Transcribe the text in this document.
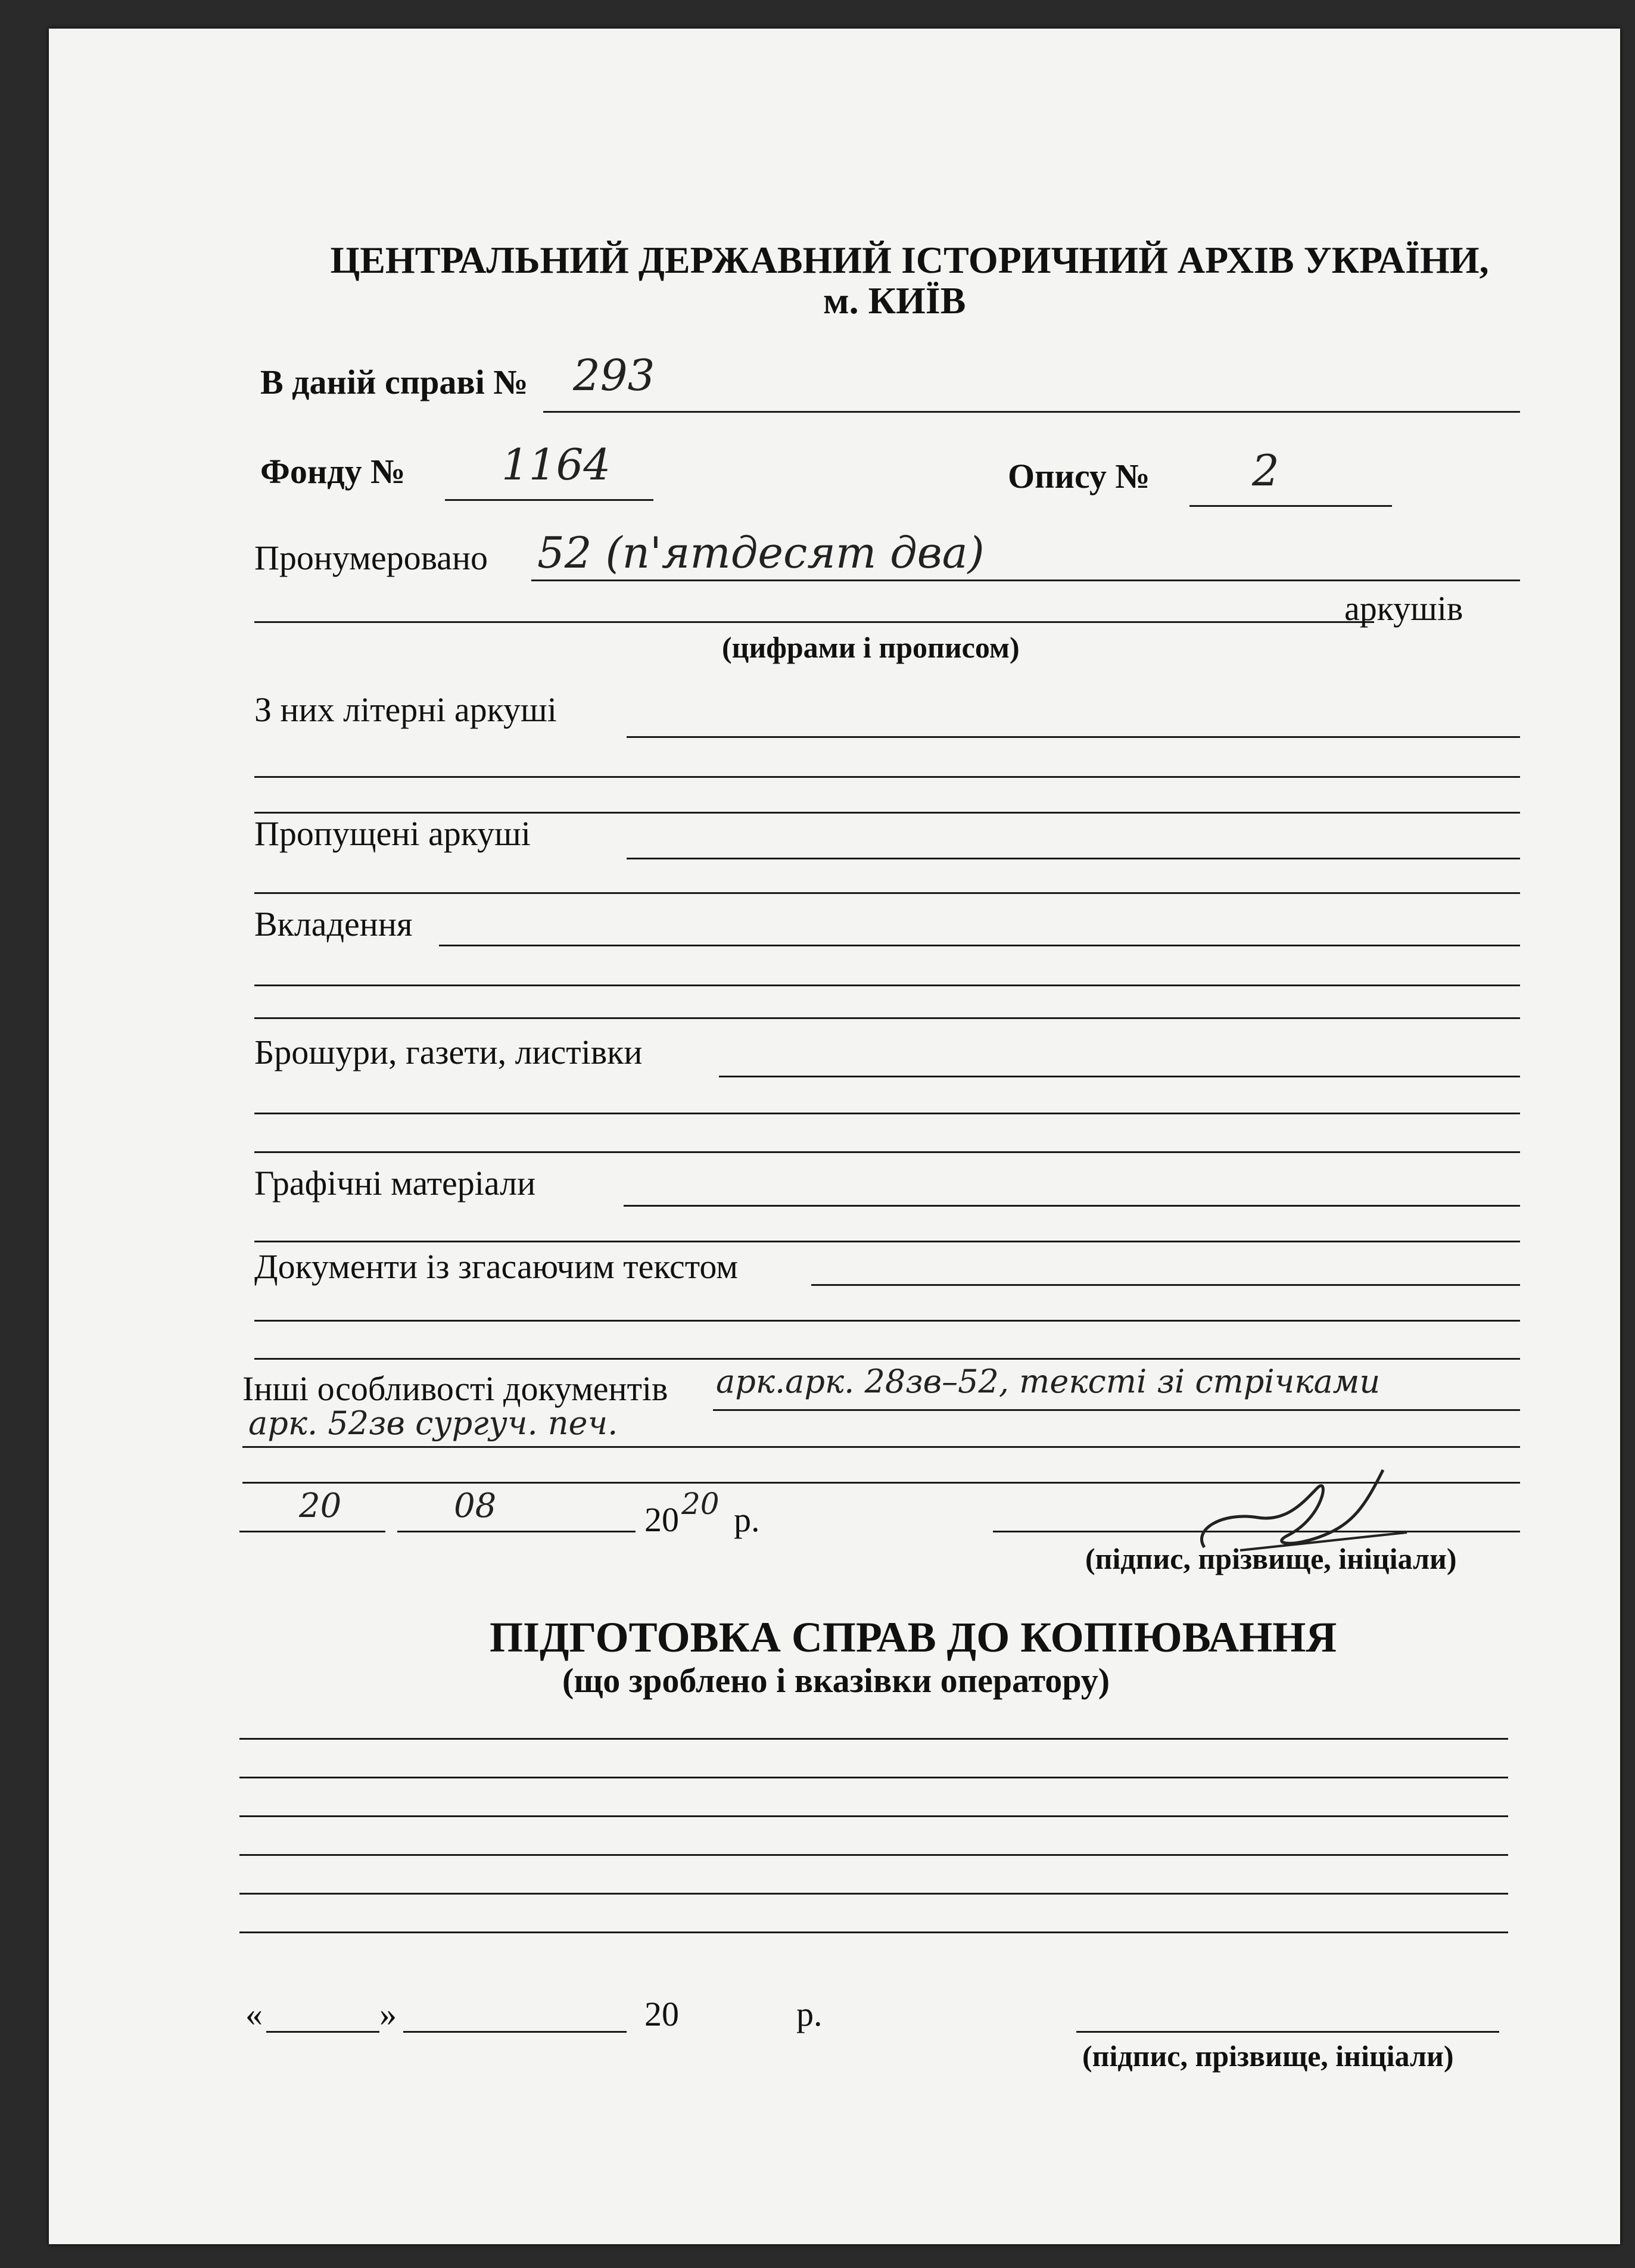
ЦЕНТРАЛЬНИЙ ДЕРЖАВНИЙ ІСТОРИЧНИЙ АРХІВ УКРАЇНИ,
м. КИЇВ
В даній справі № 293
Фонду № 1164	Опису № 2
Пронумеровано 52 (п'ятдесят два)
аркушів
(цифрами і прописом)
З них літерні аркуші
Пропущені аркуші
Вкладення
Брошури, газети, листівки
Графічні матеріали
Документи із згасаючим текстом
Інші особливості документів арк.арк. 28зв–52, тексті зі стрічками
арк. 52зв сургуч. печ.
20	08	20 20 р.
(підпис, прізвище, ініціали)
ПІДГОТОВКА СПРАВ ДО КОПІЮВАННЯ
(що зроблено і вказівки оператору)
«	»	20	р.
(підпис, прізвище, ініціали)
